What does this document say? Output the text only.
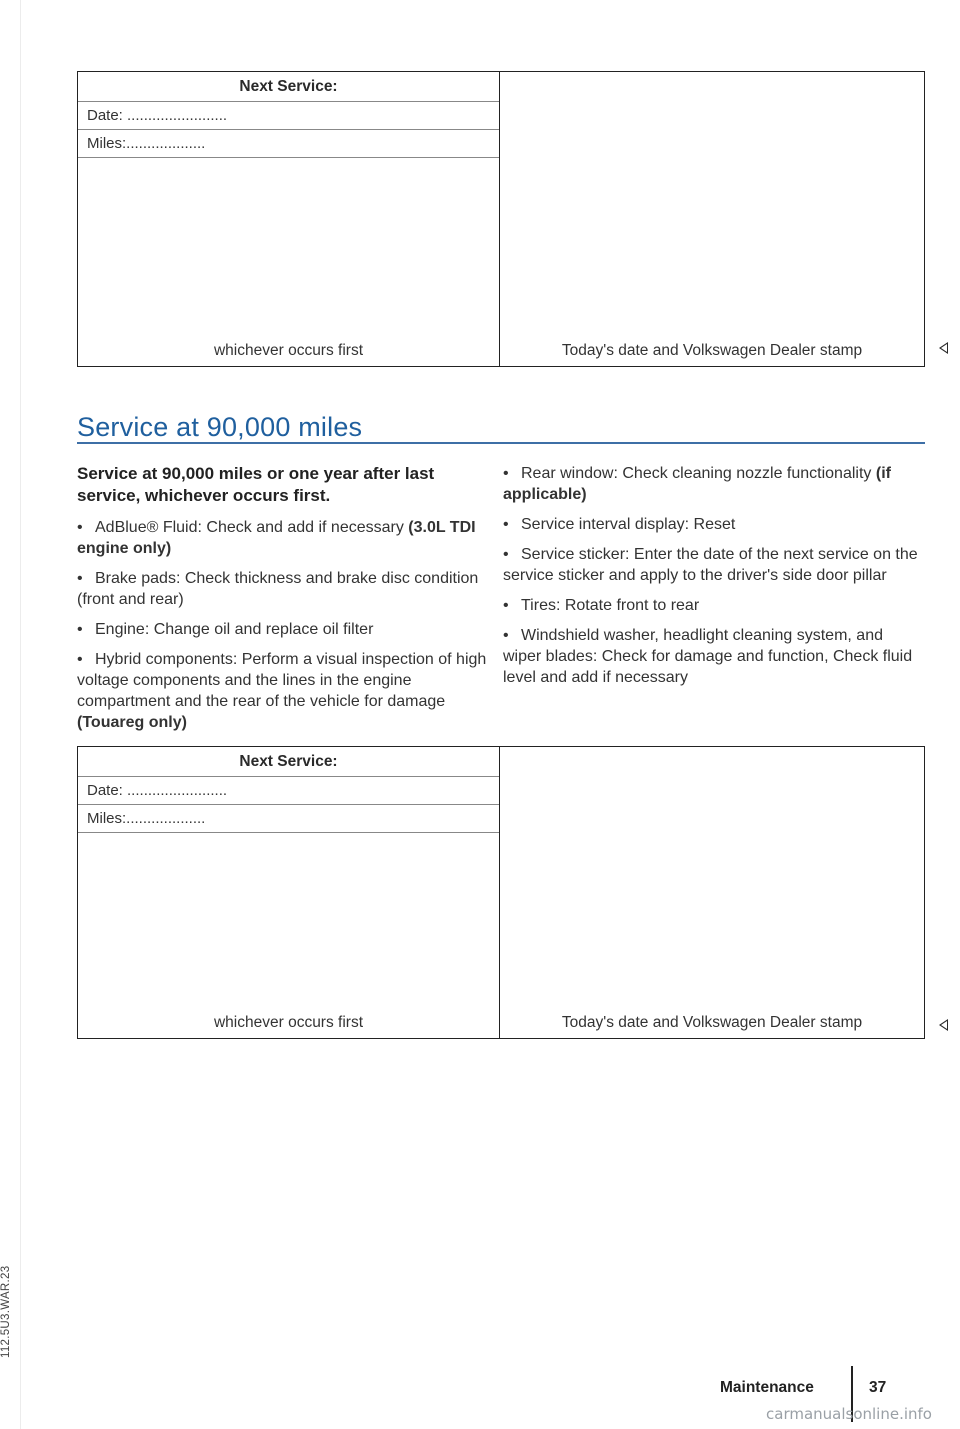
Next Service:
Date: ........................
Miles:...................
whichever occurs first	Today's date and Volkswagen Dealer stamp
Service at 90,000 miles

Service at 90,000 miles or one year after last service, whichever occurs first.

• AdBlue® Fluid: Check and add if necessary (3.0L TDI engine only)
• Brake pads: Check thickness and brake disc condition (front and rear)
• Engine: Change oil and replace oil filter
• Hybrid components: Perform a visual inspection of high voltage components and the lines in the engine compartment and the rear of the vehicle for damage (Touareg only)
• Rear window: Check cleaning nozzle functionality (if applicable)
• Service interval display: Reset
• Service sticker: Enter the date of the next service on the service sticker and apply to the driver's side door pillar
• Tires: Rotate front to rear
• Windshield washer, headlight cleaning system, and wiper blades: Check for damage and function, Check fluid level and add if necessary
Next Service:
Date: ........................
Miles:...................
whichever occurs first	Today's date and Volkswagen Dealer stamp
Maintenance	37
112.5U3.WAR.23
carmanualsonline.info
